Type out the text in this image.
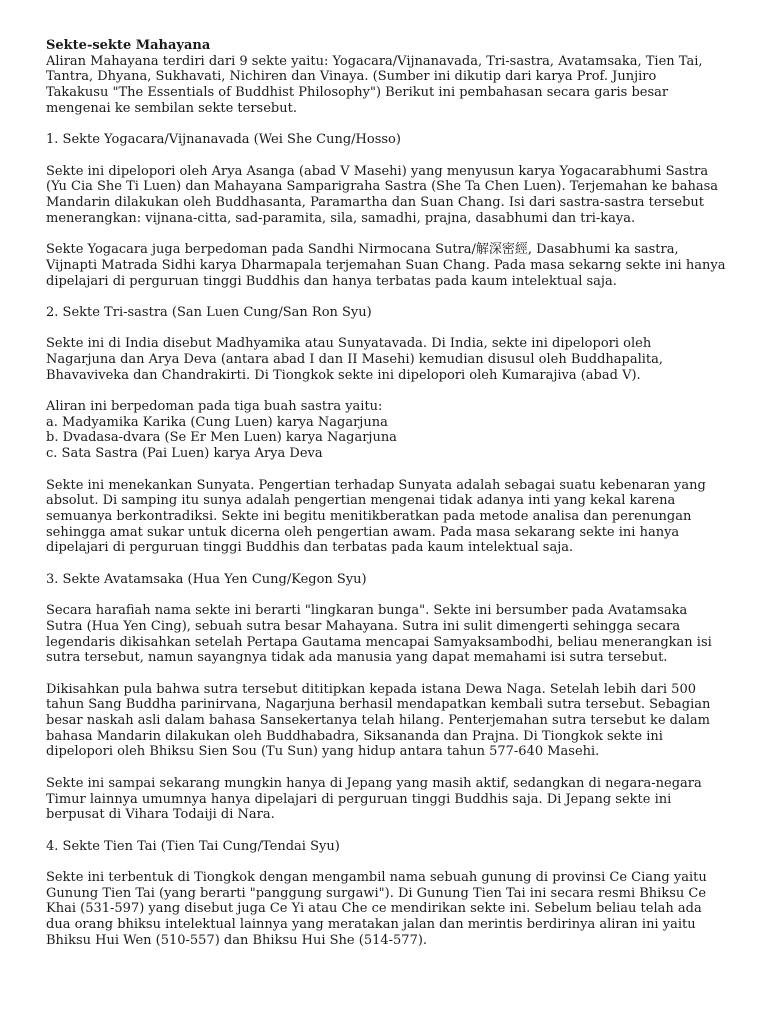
Sekte-sekte Mahayana

Aliran Mahayana terdiri dari 9 sekte yaitu: Yogacara/Vijnanavada, Tri-sastra, Avatamsaka, Tien Tai,
Tantra, Dhyana, Sukhavati, Nichiren dan Vinaya. (Sumber ini dikutip dari karya Prof. Junjiro
Takakusu "The Essentials of Buddhist Philosophy") Berikut ini pembahasan secara garis besar
mengenai ke sembilan sekte tersebut.

1. Sekte Yogacara/Vijnanavada (Wei She Cung/Hosso)

Sekte ini dipelopori oleh Arya Asanga (abad V Masehi) yang menyusun karya Yogacarabhumi Sastra
(Yu Cia She Ti Luen) dan Mahayana Samparigraha Sastra (She Ta Chen Luen). Terjemahan ke bahasa
Mandarin dilakukan oleh Buddhasanta, Paramartha dan Suan Chang. Isi dari sastra-sastra tersebut
menerangkan: vijnana-citta, sad-paramita, sila, samadhi, prajna, dasabhumi dan tri-kaya.

Sekte Yogacara juga berpedoman pada Sandhi Nirmocana Sutra/解深密經, Dasabhumi ka sastra,
Vijnapti Matrada Sidhi karya Dharmapala terjemahan Suan Chang. Pada masa sekarng sekte ini hanya
dipelajari di perguruan tinggi Buddhis dan hanya terbatas pada kaum intelektual saja.

2. Sekte Tri-sastra (San Luen Cung/San Ron Syu)

Sekte ini di India disebut Madhyamika atau Sunyatavada. Di India, sekte ini dipelopori oleh
Nagarjuna dan Arya Deva (antara abad I dan II Masehi) kemudian disusul oleh Buddhapalita,
Bhavaviveka dan Chandrakirti. Di Tiongkok sekte ini dipelopori oleh Kumarajiva (abad V).

Aliran ini berpedoman pada tiga buah sastra yaitu:
a. Madyamika Karika (Cung Luen) karya Nagarjuna
b. Dvadasa-dvara (Se Er Men Luen) karya Nagarjuna
c. Sata Sastra (Pai Luen) karya Arya Deva

Sekte ini menekankan Sunyata. Pengertian terhadap Sunyata adalah sebagai suatu kebenaran yang
absolut. Di samping itu sunya adalah pengertian mengenai tidak adanya inti yang kekal karena
semuanya berkontradiksi. Sekte ini begitu menitikberatkan pada metode analisa dan perenungan
sehingga amat sukar untuk dicerna oleh pengertian awam. Pada masa sekarang sekte ini hanya
dipelajari di perguruan tinggi Buddhis dan terbatas pada kaum intelektual saja.

3. Sekte Avatamsaka (Hua Yen Cung/Kegon Syu)

Secara harafiah nama sekte ini berarti "lingkaran bunga". Sekte ini bersumber pada Avatamsaka
Sutra (Hua Yen Cing), sebuah sutra besar Mahayana. Sutra ini sulit dimengerti sehingga secara
legendaris dikisahkan setelah Pertapa Gautama mencapai Samyaksambodhi, beliau menerangkan isi
sutra tersebut, namun sayangnya tidak ada manusia yang dapat memahami isi sutra tersebut.

Dikisahkan pula bahwa sutra tersebut dititipkan kepada istana Dewa Naga. Setelah lebih dari 500
tahun Sang Buddha parinirvana, Nagarjuna berhasil mendapatkan kembali sutra tersebut. Sebagian
besar naskah asli dalam bahasa Sansekertanya telah hilang. Penterjemahan sutra tersebut ke dalam
bahasa Mandarin dilakukan oleh Buddhabadra, Siksananda dan Prajna. Di Tiongkok sekte ini
dipelopori oleh Bhiksu Sien Sou (Tu Sun) yang hidup antara tahun 577-640 Masehi.

Sekte ini sampai sekarang mungkin hanya di Jepang yang masih aktif, sedangkan di negara-negara
Timur lainnya umumnya hanya dipelajari di perguruan tinggi Buddhis saja. Di Jepang sekte ini
berpusat di Vihara Todaiji di Nara.

4. Sekte Tien Tai (Tien Tai Cung/Tendai Syu)

Sekte ini terbentuk di Tiongkok dengan mengambil nama sebuah gunung di provinsi Ce Ciang yaitu
Gunung Tien Tai (yang berarti "panggung surgawi"). Di Gunung Tien Tai ini secara resmi Bhiksu Ce
Khai (531-597) yang disebut juga Ce Yi atau Che ce mendirikan sekte ini. Sebelum beliau telah ada
dua orang bhiksu intelektual lainnya yang meratakan jalan dan merintis berdirinya aliran ini yaitu
Bhiksu Hui Wen (510-557) dan Bhiksu Hui She (514-577).
